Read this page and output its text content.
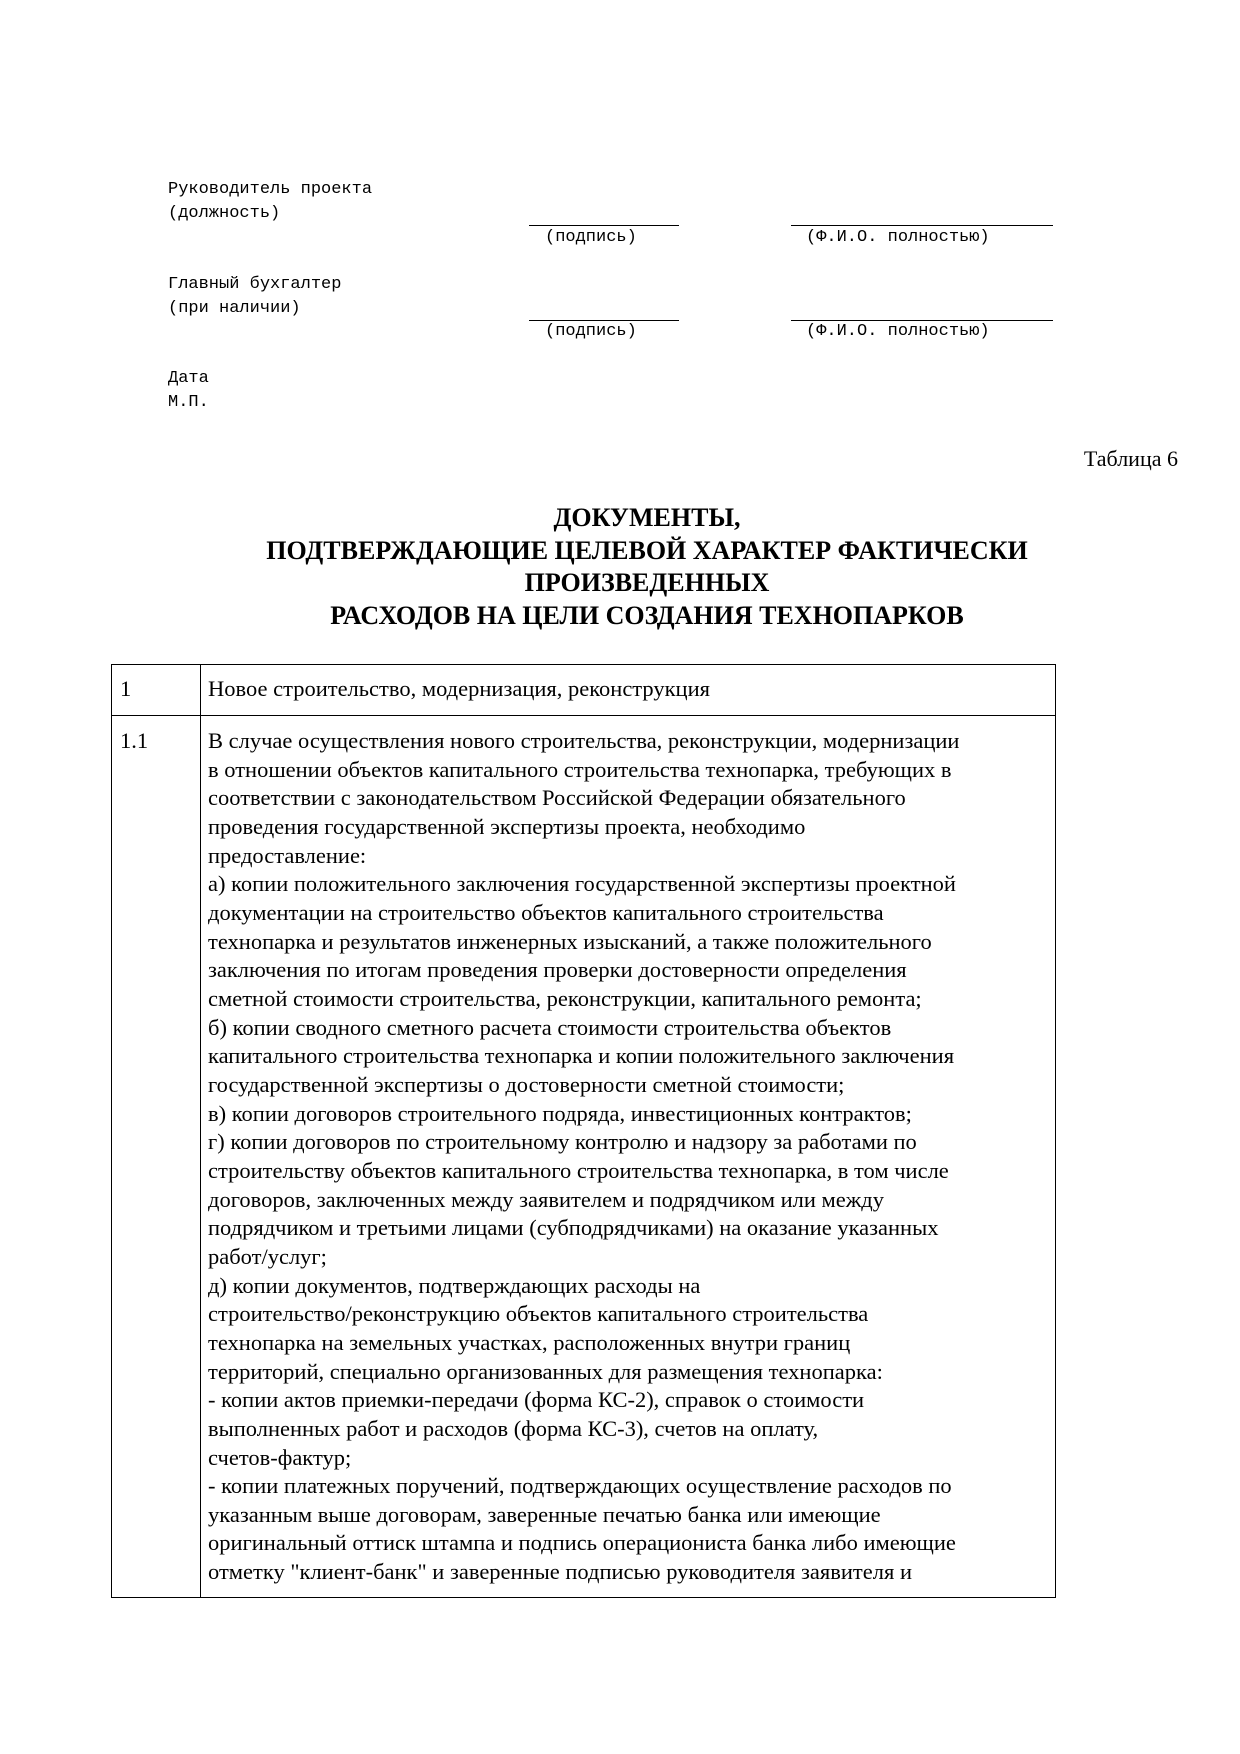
Руководитель проекта
(должность)
(подпись)	(Ф.И.О. полностью)
Главный бухгалтер
(при наличии)
(подпись)	(Ф.И.О. полностью)
Дата
М.П.
Таблица 6
ДОКУМЕНТЫ,
ПОДТВЕРЖДАЮЩИЕ ЦЕЛЕВОЙ ХАРАКТЕР ФАКТИЧЕСКИ
ПРОИЗВЕДЕННЫХ
РАСХОДОВ НА ЦЕЛИ СОЗДАНИЯ ТЕХНОПАРКОВ
1	Новое строительство, модернизация, реконструкция
1.1	В случае осуществления нового строительства, реконструкции, модернизации
в отношении объектов капитального строительства технопарка, требующих в
соответствии с законодательством Российской Федерации обязательного
проведения государственной экспертизы проекта, необходимо
предоставление:
а) копии положительного заключения государственной экспертизы проектной
документации на строительство объектов капитального строительства
технопарка и результатов инженерных изысканий, а также положительного
заключения по итогам проведения проверки достоверности определения
сметной стоимости строительства, реконструкции, капитального ремонта;
б) копии сводного сметного расчета стоимости строительства объектов
капитального строительства технопарка и копии положительного заключения
государственной экспертизы о достоверности сметной стоимости;
в) копии договоров строительного подряда, инвестиционных контрактов;
г) копии договоров по строительному контролю и надзору за работами по
строительству объектов капитального строительства технопарка, в том числе
договоров, заключенных между заявителем и подрядчиком или между
подрядчиком и третьими лицами (субподрядчиками) на оказание указанных
работ/услуг;
д) копии документов, подтверждающих расходы на
строительство/реконструкцию объектов капитального строительства
технопарка на земельных участках, расположенных внутри границ
территорий, специально организованных для размещения технопарка:
- копии актов приемки-передачи (форма КС-2), справок о стоимости
выполненных работ и расходов (форма КС-3), счетов на оплату,
счетов-фактур;
- копии платежных поручений, подтверждающих осуществление расходов по
указанным выше договорам, заверенные печатью банка или имеющие
оригинальный оттиск штампа и подпись операциониста банка либо имеющие
отметку "клиент-банк" и заверенные подписью руководителя заявителя и
